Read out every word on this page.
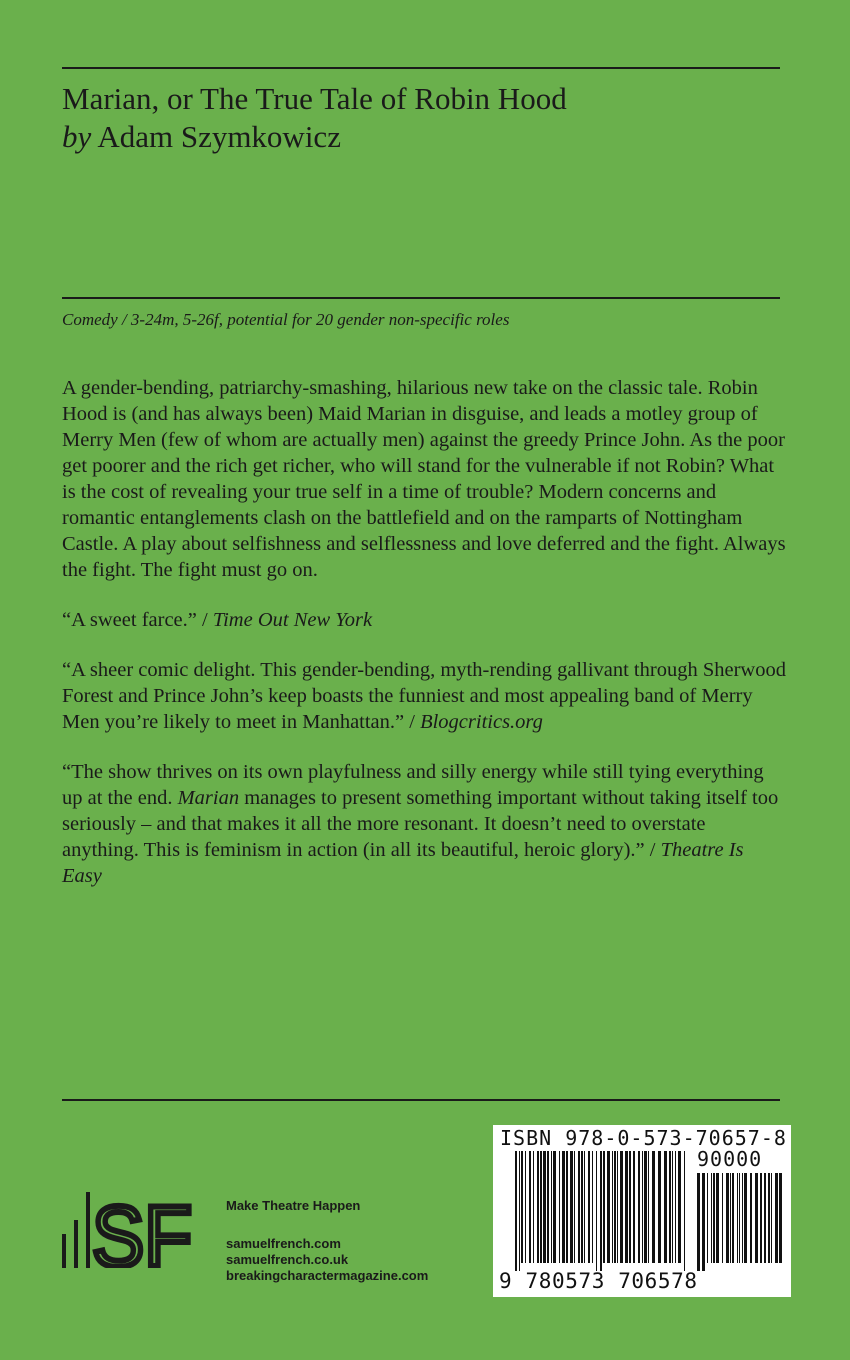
Marian, or The True Tale of Robin Hood
by Adam Szymkowicz
Comedy / 3-24m, 5-26f, potential for 20 gender non-specific roles

A gender-bending, patriarchy-smashing, hilarious new take on the classic tale. Robin Hood is (and has always been) Maid Marian in disguise, and leads a motley group of Merry Men (few of whom are actually men) against the greedy Prince John. As the poor get poorer and the rich get richer, who will stand for the vulnerable if not Robin? What is the cost of revealing your true self in a time of trouble? Modern concerns and romantic entanglements clash on the battlefield and on the ramparts of Nottingham Castle. A play about selfishness and selflessness and love deferred and the fight. Always the fight. The fight must go on.

“A sweet farce.” / Time Out New York

“A sheer comic delight. This gender-bending, myth-rending gallivant through Sherwood Forest and Prince John’s keep boasts the funniest and most appealing band of Merry Men you’re likely to meet in Manhattan.” / Blogcritics.org

“The show thrives on its own playfulness and silly energy while still tying everything up at the end. Marian manages to present something important without taking itself too seriously – and that makes it all the more resonant. It doesn’t need to overstate anything. This is feminism in action (in all its beautiful, heroic glory).” / Theatre Is Easy

SF	Make Theatre Happen
samuelfrench.com
samuelfrench.co.uk
breakingcharactermagazine.com
ISBN 978-0-573-70657-8
90000
9 780573 706578
